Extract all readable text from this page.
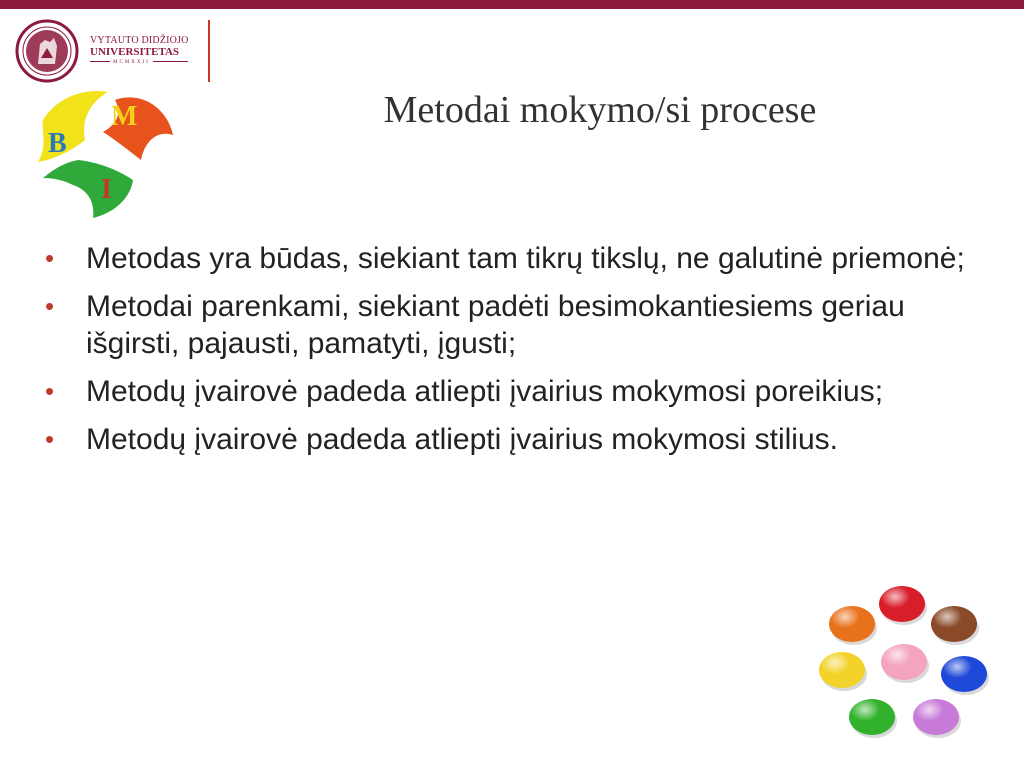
VYTAUTO DIDŽIOJO
UNIVERSITETAS
MCMXXII
B
M
I
Metodai mokymo/si procese
• Metodas yra būdas, siekiant tam tikrų tikslų, ne galutinė priemonė;
• Metodai parenkami, siekiant padėti besimokantiesiems geriau išgirsti, pajausti, pamatyti, įgusti;
• Metodų įvairovė padeda atliepti įvairius mokymosi poreikius;
• Metodų įvairovė padeda atliepti įvairius mokymosi stilius.
